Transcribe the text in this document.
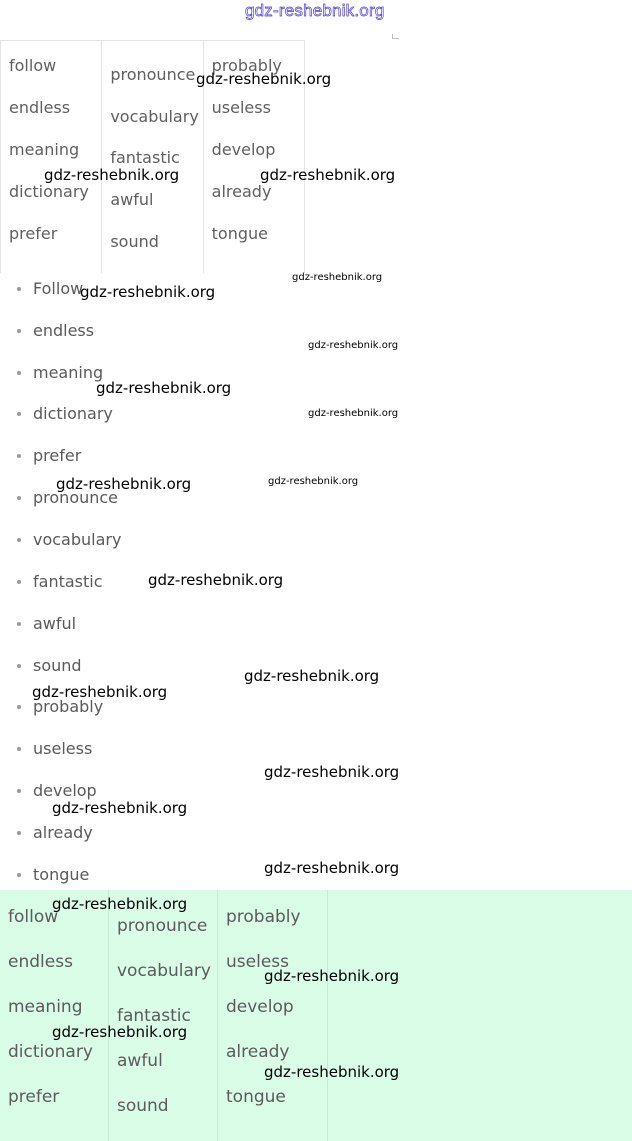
gdz-reshebnik.org
follow
endless
meaning
dictionary
prefer
pronounce
vocabulary
fantastic
awful
sound
probably
useless
develop
already
tongue
Follow
endless
meaning
dictionary
prefer
pronounce
vocabulary
fantastic
awful
sound
probably
useless
develop
already
tongue
follow
endless
meaning
dictionary
prefer
pronounce
vocabulary
fantastic
awful
sound
probably
useless
develop
already
tongue
gdz-reshebnik.org
gdz-reshebnik.org	gdz-reshebnik.org
gdz-reshebnik.org
gdz-reshebnik.org
gdz-reshebnik.org
gdz-reshebnik.org
gdz-reshebnik.org
gdz-reshebnik.org
gdz-reshebnik.org
gdz-reshebnik.org
gdz-reshebnik.org
gdz-reshebnik.org
gdz-reshebnik.org
gdz-reshebnik.org
gdz-reshebnik.org
gdz-reshebnik.org
gdz-reshebnik.org
gdz-reshebnik.org
gdz-reshebnik.org
